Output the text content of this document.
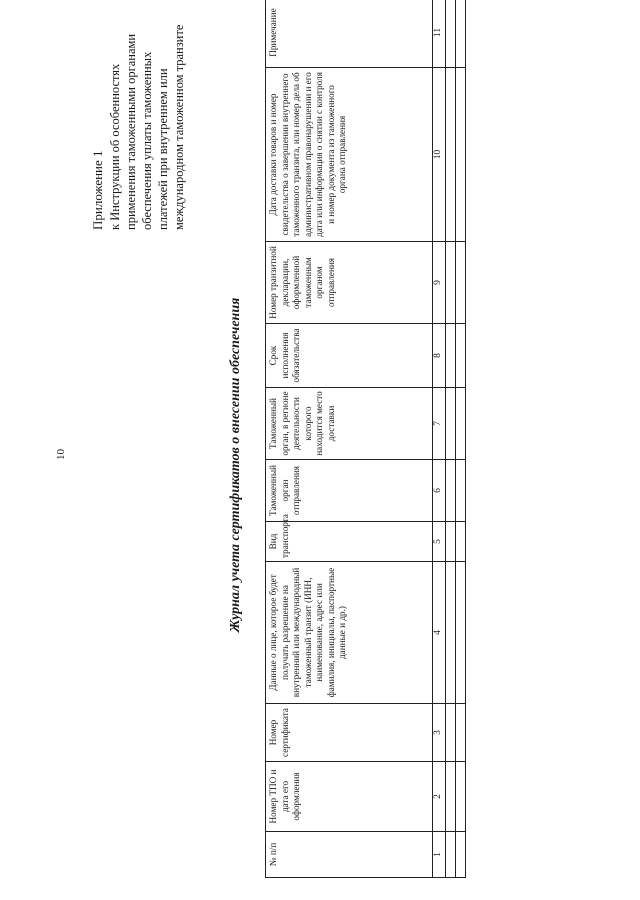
10
Приложение 1 к Инструкции об особенностях применения таможенными органами обеспечения уплаты таможенных платежей при внутреннем или международном таможенном транзите
Журнал учета сертификатов о внесении обеспечения
№ п/п	Номер ТПО и дата его оформления	Номер сертификата	Данные о лице, которое будет получать разрешение на внутренний или международный таможенный транзит (ИНН, наименование, адрес или фамилия, инициалы, паспортные данные и др.)	Вид транспорта	Таможенный орган отправления	Таможенный орган, в регионе деятельности которого находится место доставки	Срок исполнения обязательства	Номер транзитной декларации, оформленной таможенным органом отправления	Дата доставки товаров и номер свидетельства о завершении внутреннего таможенного транзита, или номер дела об административном правонарушении и его дата или информация о снятии с контроля и номер документа из таможенного органа отправления	Примечание
1	2	3	4	5	6	7	8	9	10	11
